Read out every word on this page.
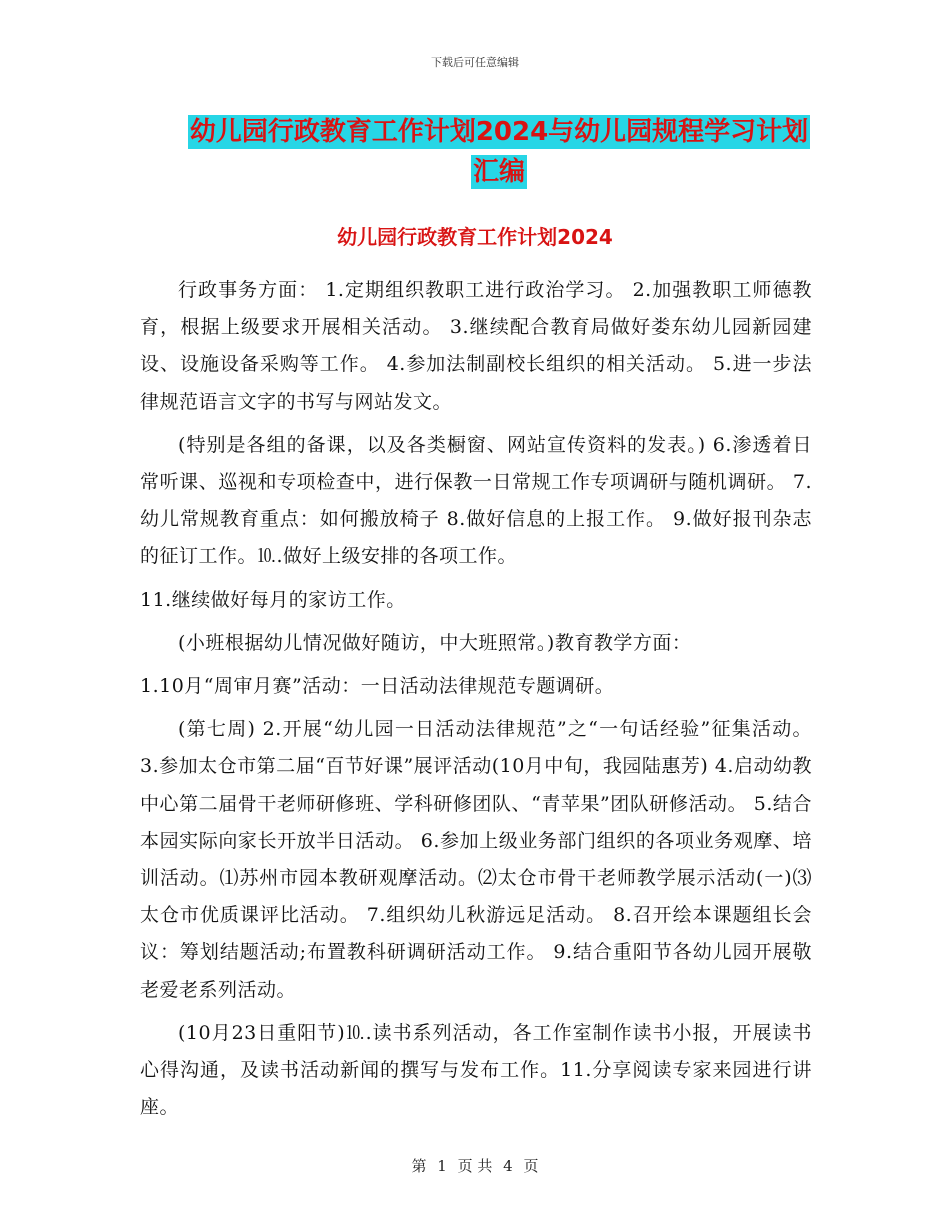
下载后可任意编辑
幼儿园行政教育工作计划2024与幼儿园规程学习计划
汇编
幼儿园行政教育工作计划2024

行政事务方面： 1.定期组织教职工进行政治学习。 2.加强教职工师德教育，根据上级要求开展相关活动。 3.继续配合教育局做好娄东幼儿园新园建设、设施设备采购等工作。 4.参加法制副校长组织的相关活动。 5.进一步法律规范语言文字的书写与网站发文。

(特别是各组的备课，以及各类橱窗、网站宣传资料的发表。) 6.渗透着日常听课、巡视和专项检查中，进行保教一日常规工作专项调研与随机调研。 7.幼儿常规教育重点：如何搬放椅子 8.做好信息的上报工作。 9.做好报刊杂志的征订工作。⒑.做好上级安排的各项工作。

11.继续做好每月的家访工作。

(小班根据幼儿情况做好随访，中大班照常。)教育教学方面：

1.10月“周审月赛”活动：一日活动法律规范专题调研。

(第七周) 2.开展“幼儿园一日活动法律规范”之“一句话经验”征集活动。 3.参加太仓市第二届“百节好课”展评活动(10月中旬，我园陆惠芳) 4.启动幼教中心第二届骨干老师研修班、学科研修团队、“青苹果”团队研修活动。 5.结合本园实际向家长开放半日活动。 6.参加上级业务部门组织的各项业务观摩、培训活动。⑴苏州市园本教研观摩活动。⑵太仓市骨干老师教学展示活动(一)⑶太仓市优质课评比活动。 7.组织幼儿秋游远足活动。 8.召开绘本课题组长会议：筹划结题活动;布置教科研调研活动工作。 9.结合重阳节各幼儿园开展敬老爱老系列活动。

(10月23日重阳节)⒑.读书系列活动，各工作室制作读书小报，开展读书心得沟通，及读书活动新闻的撰写与发布工作。11.分享阅读专家来园进行讲座。

第 1 页 共 4 页
